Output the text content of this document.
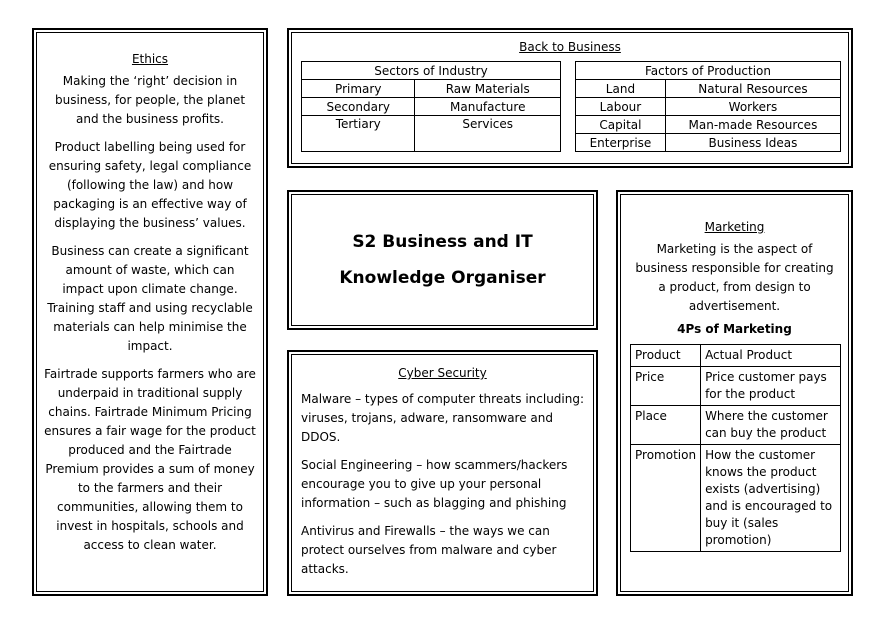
Ethics

Making the ‘right’ decision in business, for people, the planet and the business profits.

Product labelling being used for ensuring safety, legal compliance (following the law) and how packaging is an effective way of displaying the business’ values.

Business can create a significant amount of waste, which can impact upon climate change. Training staff and using recyclable materials can help minimise the impact.

Fairtrade supports farmers who are underpaid in traditional supply chains. Fairtrade Minimum Pricing ensures a fair wage for the product produced and the Fairtrade Premium provides a sum of money to the farmers and their communities, allowing them to invest in hospitals, schools and access to clean water.

Back to Business
Sectors of Industry	
Primary	Raw Materials
Secondary	Manufacture
Tertiary	Services
Factors of Production	
Land	Natural Resources
Labour	Workers
Capital	Man-made Resources
Enterprise	Business Ideas
S2 Business and IT
Knowledge Organiser
Cyber Security

Malware – types of computer threats including: viruses, trojans, adware, ransomware and DDOS.

Social Engineering – how scammers/hackers encourage you to give up your personal information – such as blagging and phishing

Antivirus and Firewalls – the ways we can protect ourselves from malware and cyber attacks.

Marketing

Marketing is the aspect of business responsible for creating a product, from design to advertisement.

4Ps of Marketing
Product	Actual Product
Price	Price customer pays for the product
Place	Where the customer can buy the product
Promotion	How the customer knows the product exists (advertising) and is encouraged to buy it (sales promotion)
